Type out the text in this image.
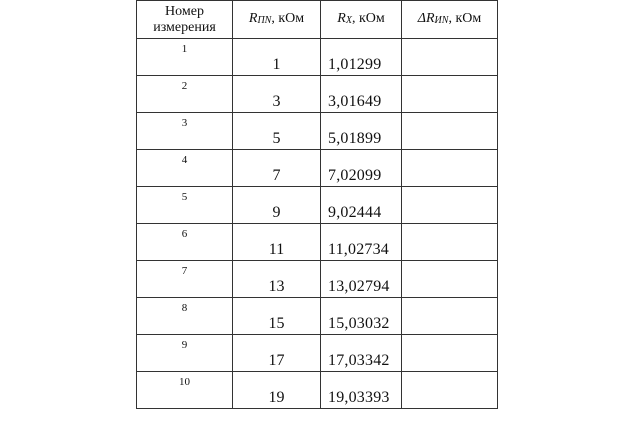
Номер измерения	RПN, кОм	RX, кОм	ΔRИN, кОм

1	1	1,01299	

2	3	3,01649	

3	5	5,01899	

4	7	7,02099	

5	9	9,02444	

6	11	11,02734	

7	13	13,02794	

8	15	15,03032	

9	17	17,03342	

10	19	19,03393	
